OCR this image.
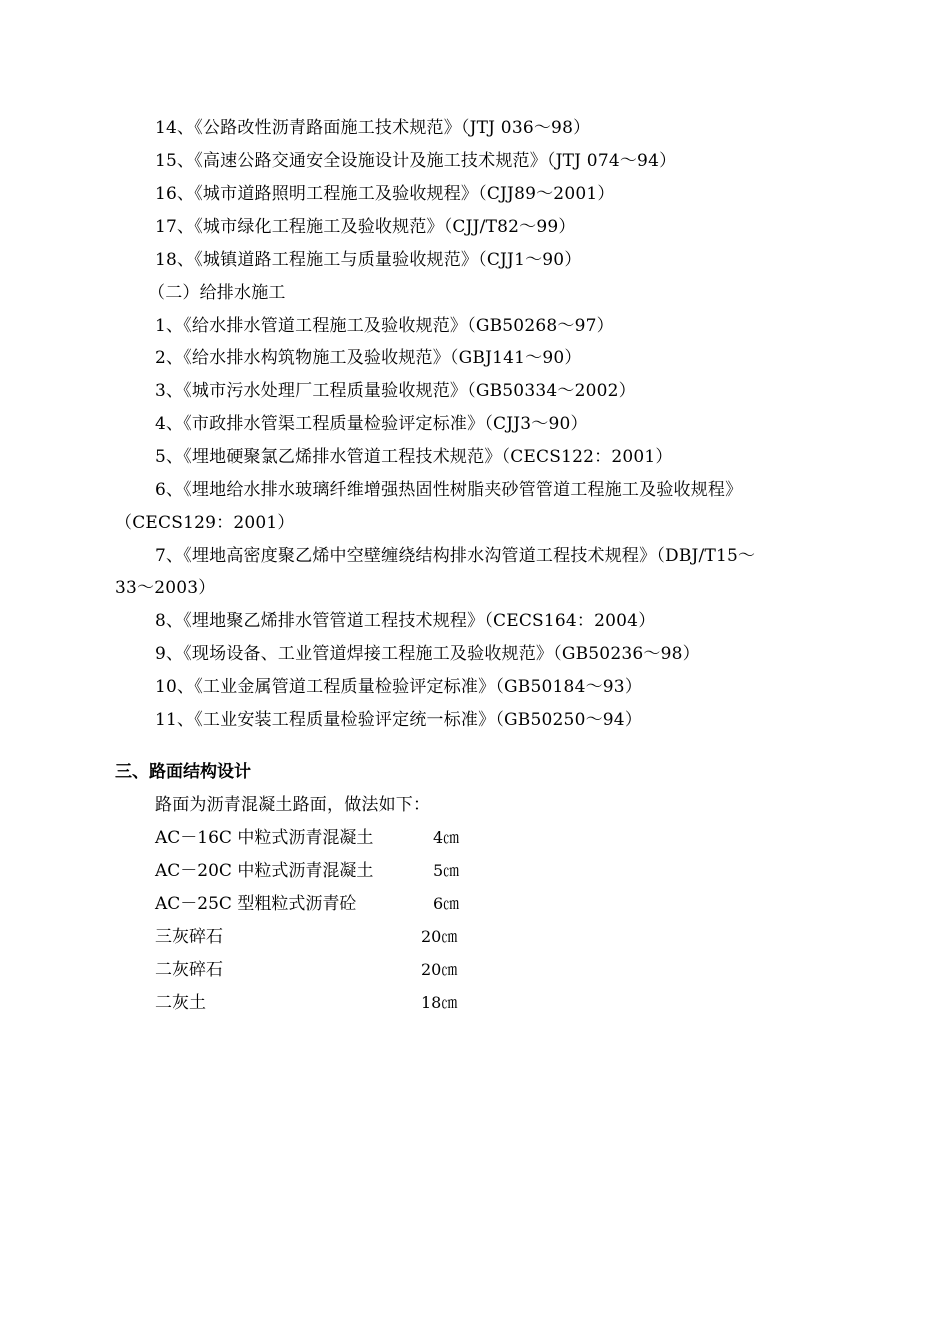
14、《公路改性沥青路面施工技术规范》（JTJ 036～98）
15、《高速公路交通安全设施设计及施工技术规范》（JTJ 074～94）
16、《城市道路照明工程施工及验收规程》（CJJ89～2001）
17、《城市绿化工程施工及验收规范》（CJJ/T82～99）
18、《城镇道路工程施工与质量验收规范》（CJJ1～90）
（二）给排水施工
1、《给水排水管道工程施工及验收规范》（GB50268～97）
2、《给水排水构筑物施工及验收规范》（GBJ141～90）
3、《城市污水处理厂工程质量验收规范》（GB50334～2002）
4、《市政排水管渠工程质量检验评定标准》（CJJ3～90）
5、《埋地硬聚氯乙烯排水管道工程技术规范》（CECS122：2001）
6、《埋地给水排水玻璃纤维增强热固性树脂夹砂管管道工程施工及验收规程》
（CECS129：2001）
7、《埋地高密度聚乙烯中空壁缠绕结构排水沟管道工程技术规程》（DBJ/T15～
33～2003）
8、《埋地聚乙烯排水管管道工程技术规程》（CECS164：2004）
9、《现场设备、工业管道焊接工程施工及验收规范》（GB50236～98）
10、《工业金属管道工程质量检验评定标准》（GB50184～93）
11、《工业安装工程质量检验评定统一标准》（GB50250～94）
三、路面结构设计
路面为沥青混凝土路面，做法如下：
AC－16C 中粒式沥青混凝土	4㎝
AC－20C 中粒式沥青混凝土	5㎝
AC－25C 型粗粒式沥青砼	6㎝
三灰碎石	20㎝
二灰碎石	20㎝
二灰土	18㎝
